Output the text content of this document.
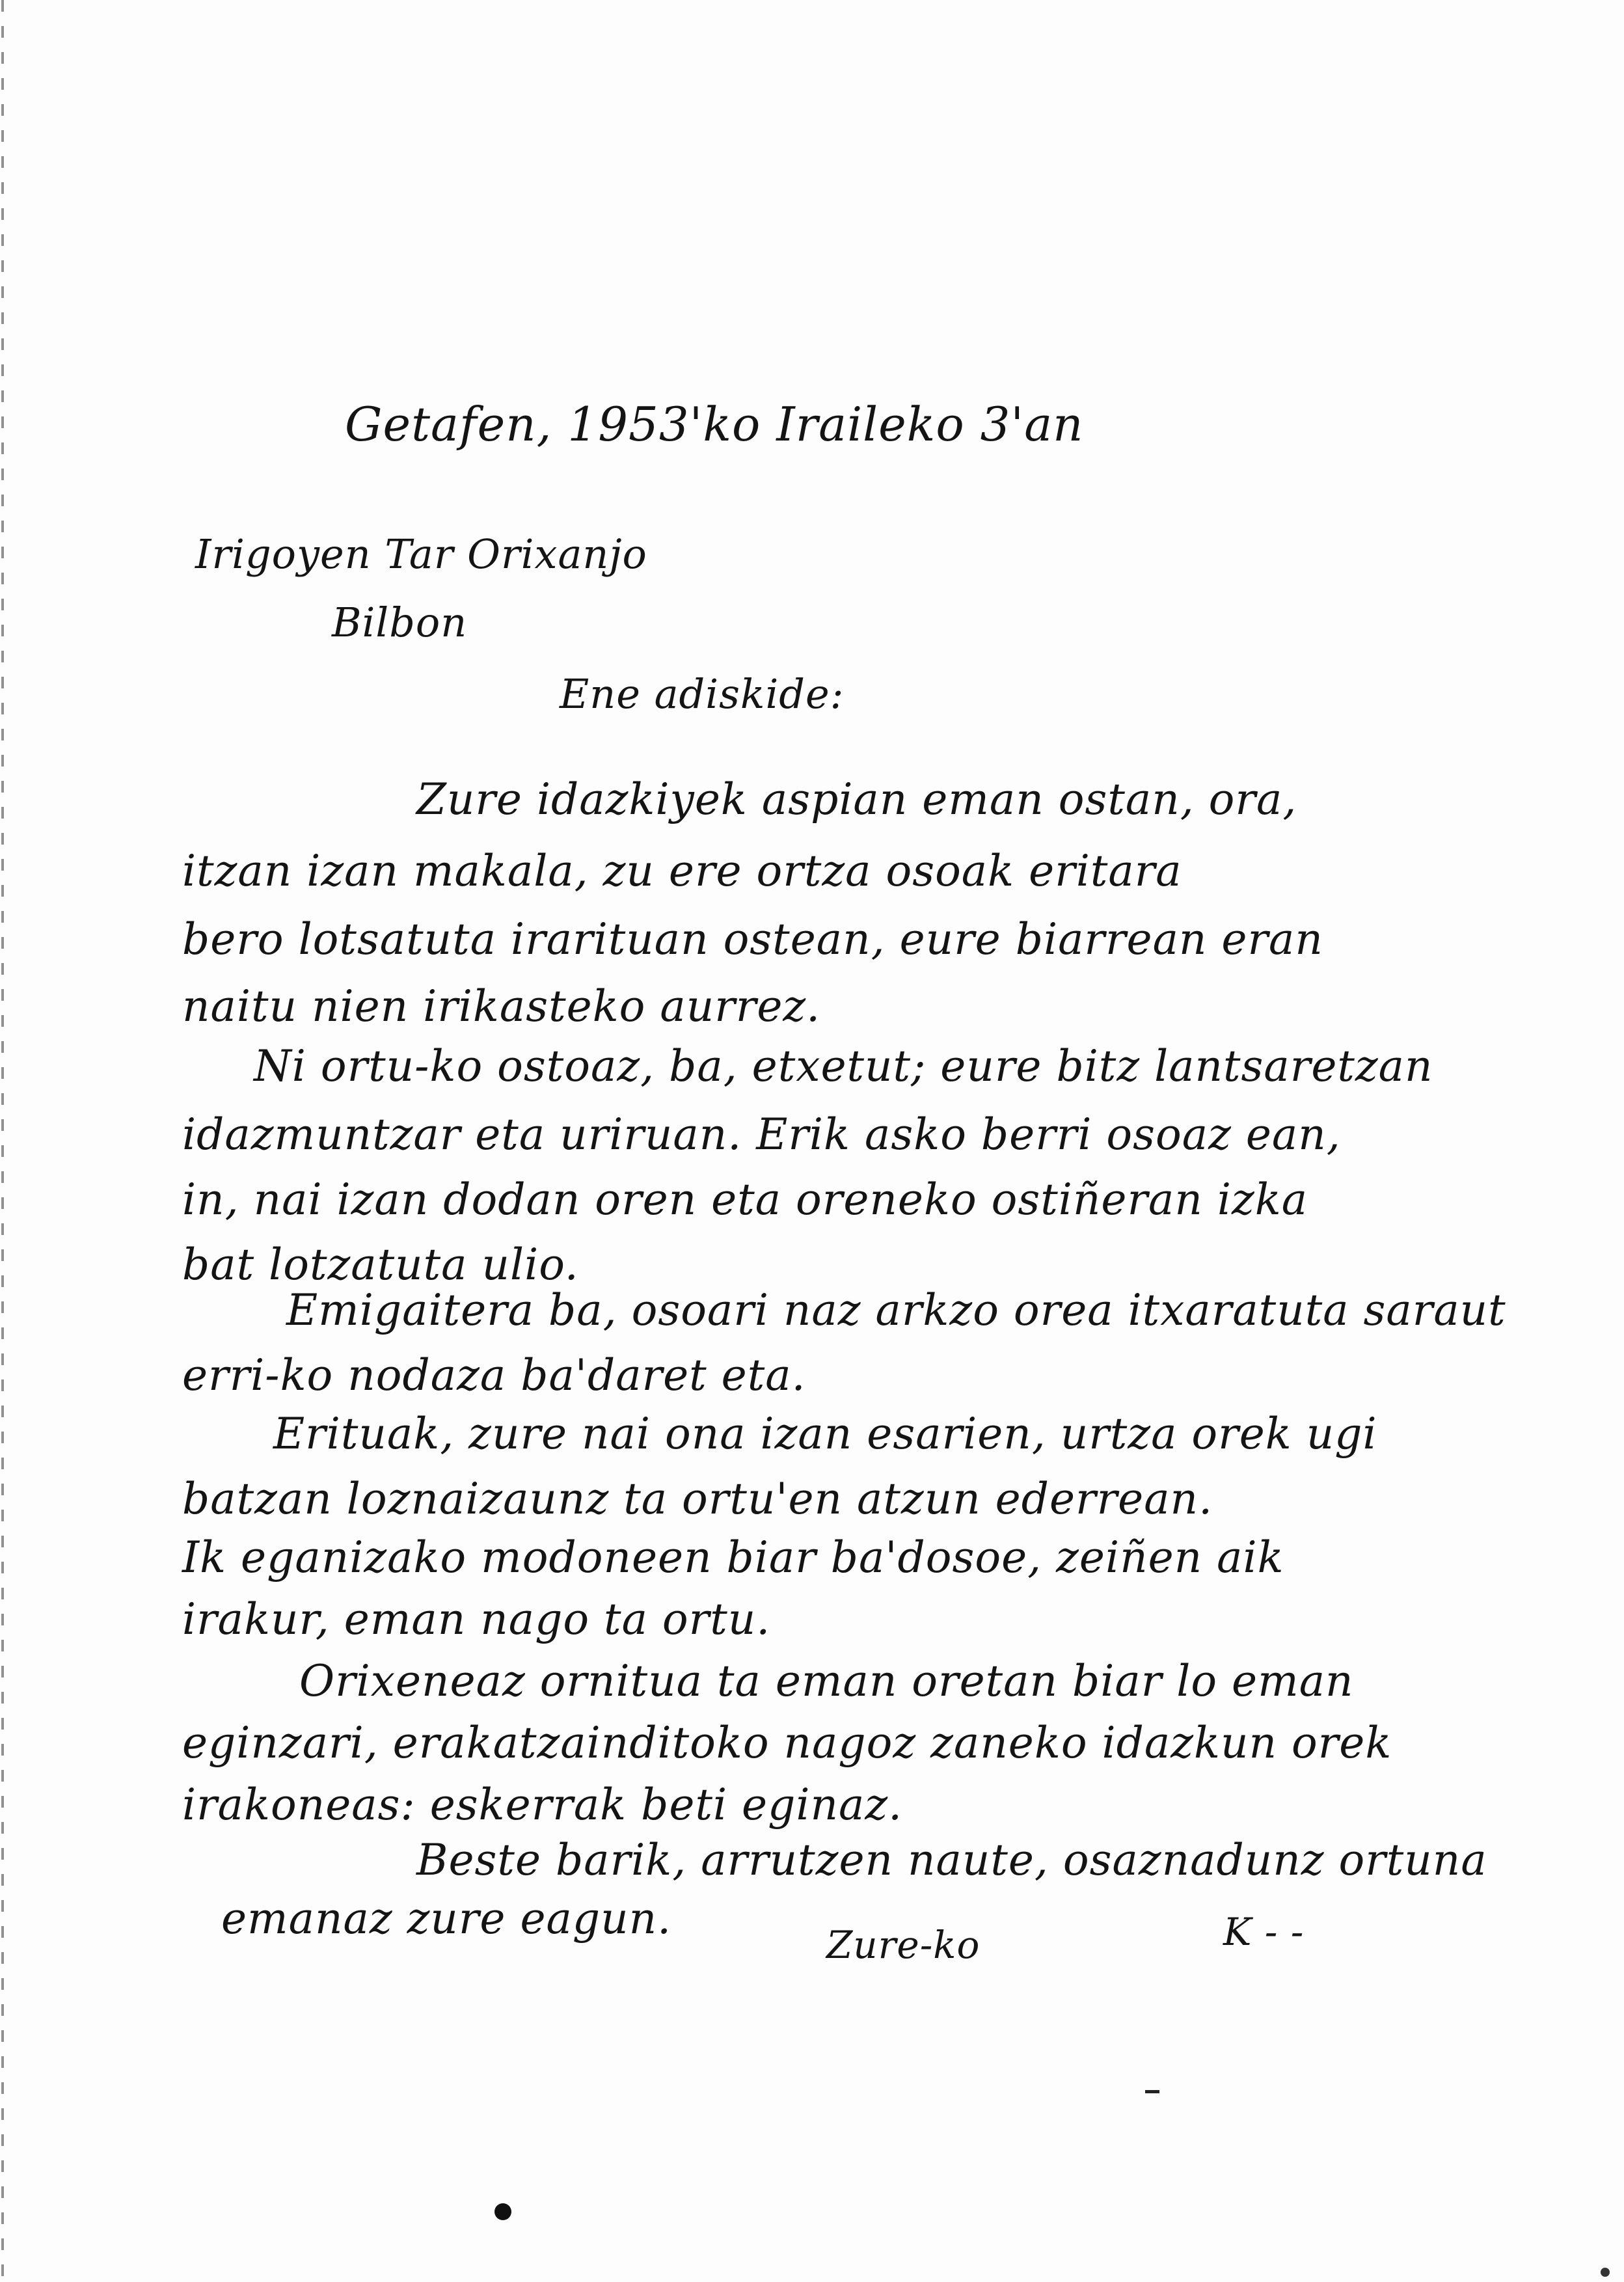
Getafen, 1953'ko Iraileko 3'an
Irigoyen Tar Orixanjo
Bilbon
Ene adiskide:
Zure idazkiyek aspian eman ostan, ora,
itzan izan makala, zu ere ortza osoak eritara
bero lotsatuta irarituan ostean, eure biarrean eran
naitu nien irikasteko aurrez.
Ni ortu-ko ostoaz, ba, etxetut; eure bitz lantsaretzan
idazmuntzar eta uriruan. Erik asko berri osoaz ean,
in, nai izan dodan oren eta oreneko ostiñeran izka
bat lotzatuta ulio.
Emigaitera ba, osoari naz arkzo orea itxaratuta saraut
erri-ko nodaza ba'daret eta.
Erituak, zure nai ona izan esarien, urtza orek ugi
batzan loznaizaunz ta ortu'en atzun ederrean.
Ik eganizako modoneen biar ba'dosoe, zeiñen aik
irakur, eman nago ta ortu.
Orixeneaz ornitua ta eman oretan biar lo eman
eginzari, erakatzainditoko nagoz zaneko idazkun orek
irakoneas: eskerrak beti eginaz.
Beste barik, arrutzen naute, osaznadunz ortuna
emanaz zure eagun.
Zure-ko	K - -
